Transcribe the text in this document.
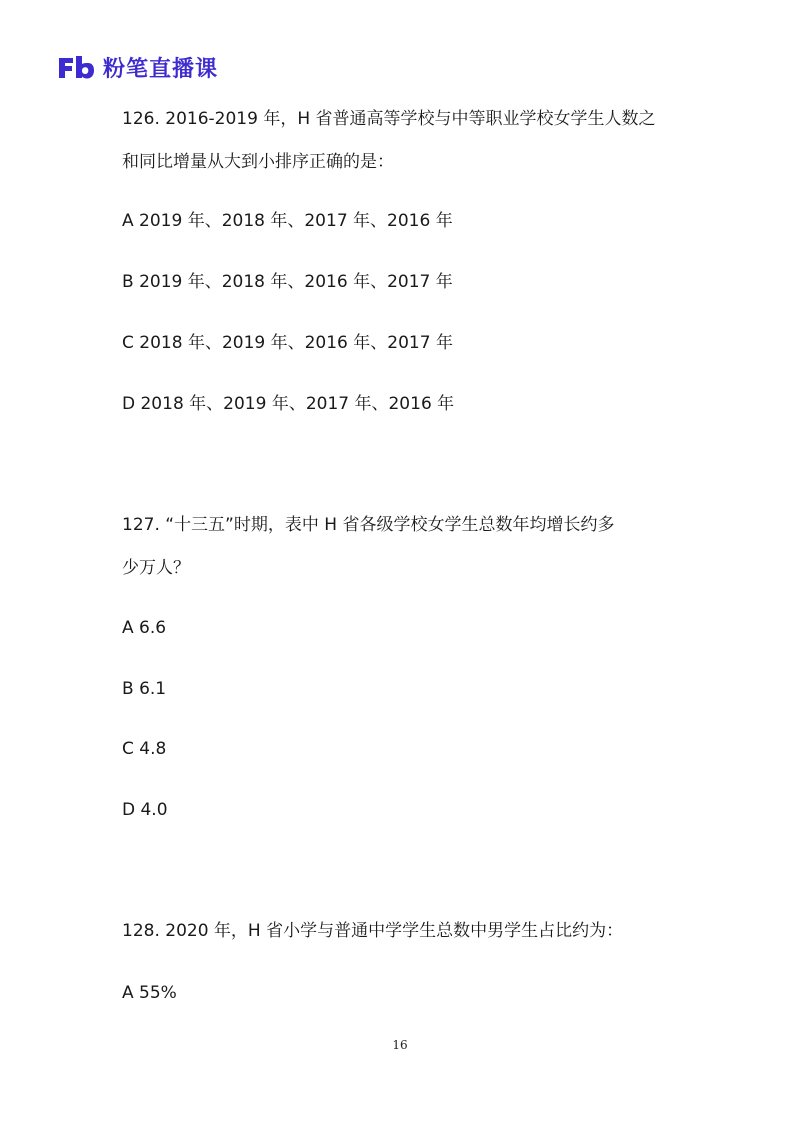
粉笔直播课
126. 2016-2019 年，H 省普通高等学校与中等职业学校女学生人数之
和同比增量从大到小排序正确的是：
A 2019 年、2018 年、2017 年、2016 年
B 2019 年、2018 年、2016 年、2017 年
C 2018 年、2019 年、2016 年、2017 年
D 2018 年、2019 年、2017 年、2016 年
127. “十三五”时期，表中 H 省各级学校女学生总数年均增长约多
少万人？
A 6.6
B 6.1
C 4.8
D 4.0
128. 2020 年，H 省小学与普通中学学生总数中男学生占比约为：
A 55%
16
